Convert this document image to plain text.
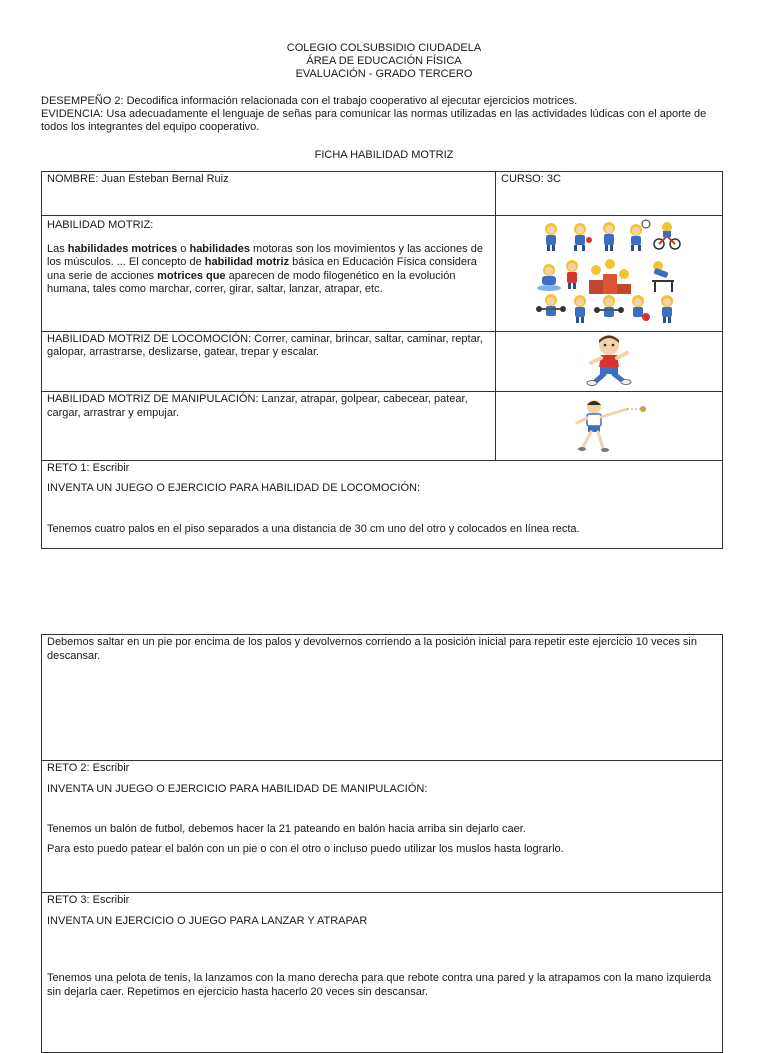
COLEGIO COLSUBSIDIO CIUDADELA
ÁREA DE EDUCACIÓN FÍSICA
EVALUACIÓN - GRADO TERCERO
DESEMPEÑO 2: Decodifica información relacionada con el trabajo cooperativo al ejecutar ejercicios motrices.
EVIDENCIA: Usa adecuadamente el lenguaje de señas para comunicar las normas utilizadas en las actividades lúdicas con el aporte de todos los integrantes del equipo cooperativo.
FICHA HABILIDAD MOTRIZ
NOMBRE: Juan Esteban Bernal Ruiz	CURSO: 3C

HABILIDAD MOTRIZ:

Las habilidades motrices o habilidades motoras son los movimientos y las acciones de los músculos. ... El concepto de habilidad motriz básica en Educación Física considera una serie de acciones motrices que aparecen de modo filogenético en la evolución humana, tales como marchar, correr, girar, saltar, lanzar, atrapar, etc.

HABILIDAD MOTRIZ DE LOCOMOCIÓN: Correr, caminar, brincar, saltar, caminar, reptar, galopar, arrastrarse, deslizarse, gatear, trepar y escalar.

HABILIDAD MOTRIZ DE MANIPULACIÓN: Lanzar, atrapar, golpear, cabecear, patear, cargar, arrastrar y empujar.

RETO 1: Escribir
INVENTA UN JUEGO O EJERCICIO PARA HABILIDAD DE LOCOMOCIÓN:
Tenemos cuatro palos en el piso separados a una distancia de 30 cm uno del otro y colocados en línea recta.	
Debemos saltar en un pie por encima de los palos y devolvernos corriendo a la posición inicial para repetir este ejercicio 10 veces sin descansar.

RETO 2: Escribir
INVENTA UN JUEGO O EJERCICIO PARA HABILIDAD DE MANIPULACIÓN:
Tenemos un balón de futbol, debemos hacer la 21 pateando en balón hacia arriba sin dejarlo caer.
Para esto puedo patear el balón con un pie o con el otro o incluso puedo utilizar los muslos hasta lograrlo.

RETO 3: Escribir
INVENTA UN EJERCICIO O JUEGO PARA LANZAR Y ATRAPAR
Tenemos una pelota de tenis, la lanzamos con la mano derecha para que rebote contra una pared y la atrapamos con la mano izquierda sin dejarla caer. Repetimos en ejercicio hasta hacerlo 20 veces sin descansar.
